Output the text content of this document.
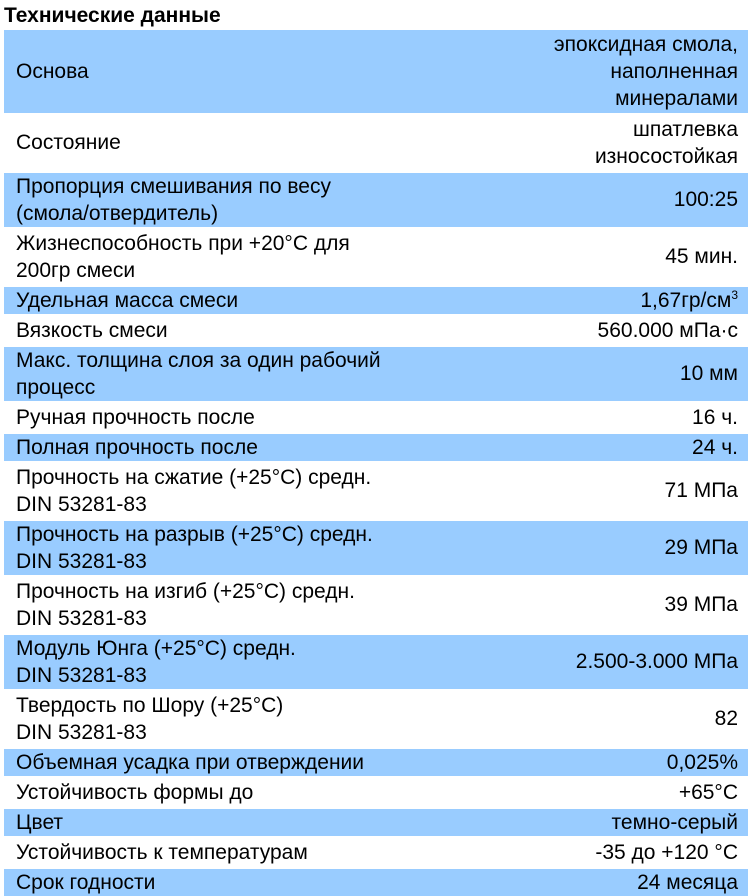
Технические данные
Основа	эпоксидная смола,
наполненная
минералами
Состояние	шпатлевка
износостойкая
Пропорция смешивания по весу
(смола/отвердитель)	100:25
Жизнеспособность при +20°С для
200гр смеси	45 мин.
Удельная масса смеси	$1,67гр/см^3$
Вязкость смеси	560.000 мПа·с
Макс. толщина слоя за один рабочий
процесс	10 мм
Ручная прочность после	16 ч.
Полная прочность после	24 ч.
Прочность на сжатие (+25°С) средн.
DIN 53281-83	71 МПа
Прочность на разрыв (+25°С) средн.
DIN 53281-83	29 МПа
Прочность на изгиб (+25°С) средн.
DIN 53281-83	39 МПа
Модуль Юнга (+25°С) средн.
DIN 53281-83	2.500-3.000 МПа
Твердость по Шору (+25°С)
DIN 53281-83	82
Объемная усадка при отверждении	0,025%
Устойчивость формы до	+65°С
Цвет	темно-серый
Устойчивость к температурам	-35 до +120 °С
Срок годности	24 месяца
